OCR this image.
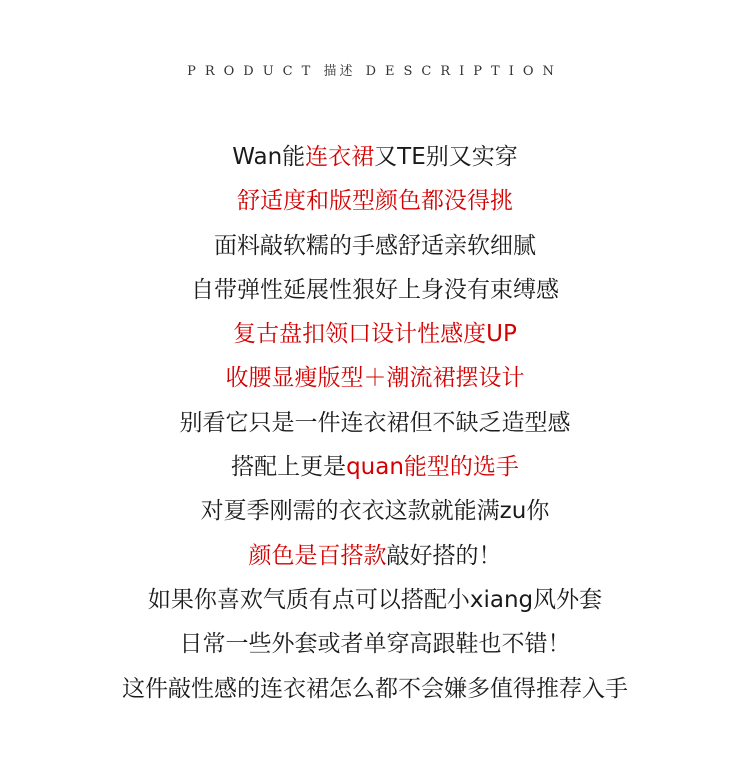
PRODUCT 描述 DESCRIPTION
Wan能连衣裙又TE别又实穿
舒适度和版型颜色都没得挑
面料敲软糯的手感舒适亲软细腻
自带弹性延展性狠好上身没有束缚感
复古盘扣领口设计性感度UP
收腰显瘦版型＋潮流裙摆设计
别看它只是一件连衣裙但不缺乏造型感
搭配上更是quan能型的选手
对夏季刚需的衣衣这款就能满zu你
颜色是百搭款敲好搭的！
如果你喜欢气质有点可以搭配小xiang风外套
日常一些外套或者单穿高跟鞋也不错！
这件敲性感的连衣裙怎么都不会嫌多值得推荐入手
